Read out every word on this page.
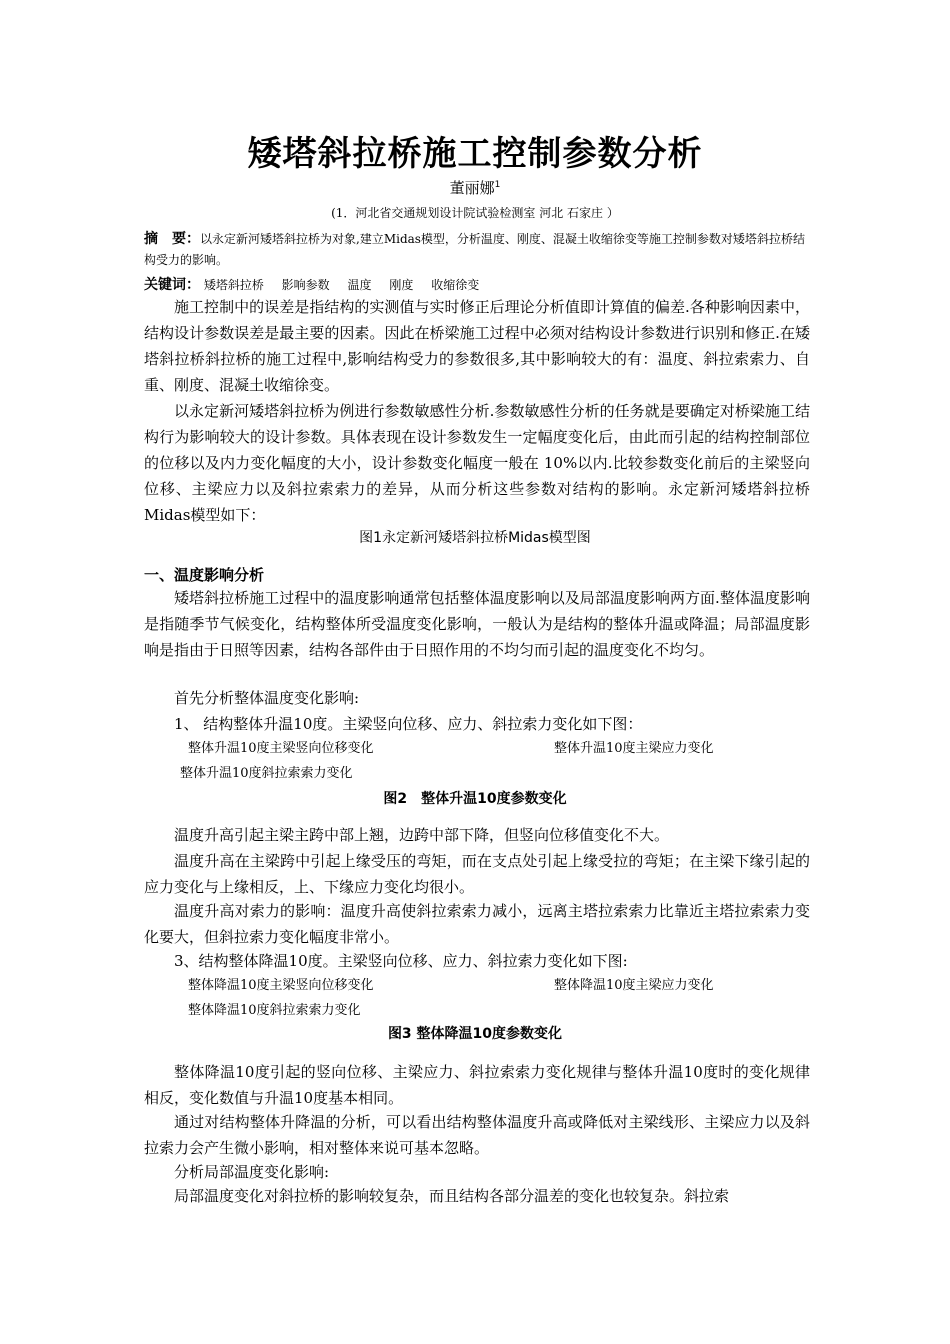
矮塔斜拉桥施工控制参数分析
董丽娜$^1$
(1．河北省交通规划设计院试验检测室 河北 石家庄 ）
摘　要：以永定新河矮塔斜拉桥为对象,建立Midas模型，分析温度、刚度、混凝土收缩徐变等施工控制参数对矮塔斜拉桥结构受力的影响。
关键词： 矮塔斜拉桥 影响参数 温度 刚度 收缩徐变
施工控制中的误差是指结构的实测值与实时修正后理论分析值即计算值的偏差.各种影响因素中，结构设计参数误差是最主要的因素。因此在桥梁施工过程中必须对结构设计参数进行识别和修正.在矮塔斜拉桥斜拉桥的施工过程中,影响结构受力的参数很多,其中影响较大的有：温度、斜拉索索力、自重、刚度、混凝土收缩徐变。
以永定新河矮塔斜拉桥为例进行参数敏感性分析.参数敏感性分析的任务就是要确定对桥梁施工结构行为影响较大的设计参数。具体表现在设计参数发生一定幅度变化后，由此而引起的结构控制部位的位移以及内力变化幅度的大小，设计参数变化幅度一般在 10%以内.比较参数变化前后的主梁竖向位移、主梁应力以及斜拉索索力的差异，从而分析这些参数对结构的影响。永定新河矮塔斜拉桥Midas模型如下：
图1永定新河矮塔斜拉桥Midas模型图
一、温度影响分析
矮塔斜拉桥施工过程中的温度影响通常包括整体温度影响以及局部温度影响两方面.整体温度影响是指随季节气候变化，结构整体所受温度变化影响，一般认为是结构的整体升温或降温；局部温度影响是指由于日照等因素，结构各部件由于日照作用的不均匀而引起的温度变化不均匀。
首先分析整体温度变化影响:
1、 结构整体升温10度。主梁竖向位移、应力、斜拉索力变化如下图：
整体升温10度主梁竖向位移变化	整体升温10度主梁应力变化
整体升温10度斜拉索索力变化
图2　整体升温10度参数变化
温度升高引起主梁主跨中部上翘，边跨中部下降，但竖向位移值变化不大。
温度升高在主梁跨中引起上缘受压的弯矩，而在支点处引起上缘受拉的弯矩；在主梁下缘引起的应力变化与上缘相反，上、下缘应力变化均很小。
温度升高对索力的影响：温度升高使斜拉索索力减小，远离主塔拉索索力比靠近主塔拉索索力变化要大，但斜拉索力变化幅度非常小。
3、结构整体降温10度。主梁竖向位移、应力、斜拉索力变化如下图:
整体降温10度主梁竖向位移变化	整体降温10度主梁应力变化
整体降温10度斜拉索索力变化
图3 整体降温10度参数变化
整体降温10度引起的竖向位移、主梁应力、斜拉索索力变化规律与整体升温10度时的变化规律相反，变化数值与升温10度基本相同。
通过对结构整体升降温的分析，可以看出结构整体温度升高或降低对主梁线形、主梁应力以及斜拉索力会产生微小影响，相对整体来说可基本忽略。
分析局部温度变化影响:
局部温度变化对斜拉桥的影响较复杂，而且结构各部分温差的变化也较复杂。斜拉索
